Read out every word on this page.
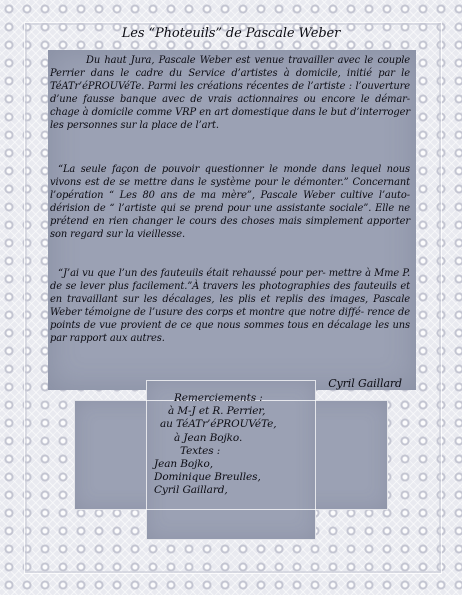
Les “Photeuils” de Pascale Weber

Du haut Jura, Pascale Weber est venue travailler avec le couple Perrier dans le cadre du Service d’artistes à domicile, initié par le TéATr’éPROUVéTe. Parmi les créations récentes de l’artiste : l’ouverture d’une fausse banque avec de vrais actionnaires ou encore le démar- chage à domicile comme VRP en art domestique dans le but d’interroger les personnes sur la place de l’art.

“La seule façon de pouvoir questionner le monde dans lequel nous vivons est de se mettre dans le système pour le démonter.” Concernant l’opération “ Les 80 ans de ma mère”, Pascale Weber cultive l’auto-dérision de “ l’artiste qui se prend pour une assistante sociale”. Elle ne prétend en rien changer le cours des choses mais simplement apporter son regard sur la vieillesse.

“J’ai vu que l’un des fauteuils était rehaussé pour per- mettre à Mme P. de se lever plus facilement.”À travers les photographies des fauteuils et en travaillant sur les décalages, les plis et replis des images, Pascale Weber témoigne de l’usure des corps et montre que notre diffé- rence de points de vue provient de ce que nous sommes tous en décalage les uns par rapport aux autres.

Cyril Gaillard
Remerciements :
à M-J et R. Perrier,
au TéATr’éPROUVéTe,
à Jean Bojko.
Textes :
Jean Bojko,
Dominique Breulles,
Cyril Gaillard,
